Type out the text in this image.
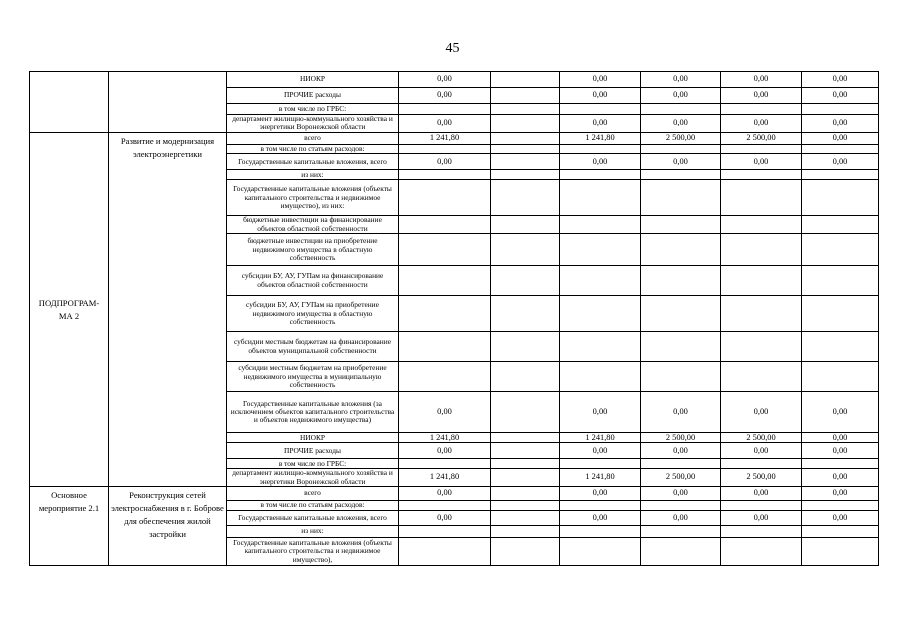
45
		НИОКР	0,00		0,00	0,00	0,00	0,00
		ПРОЧИЕ расходы	0,00		0,00	0,00	0,00	0,00
		в том числе по ГРБС:						
		департамент жилищно-коммунального хозяйства и энергетики Воронежской области	0,00		0,00	0,00	0,00	0,00
ПОДПРОГРАМ-МА 2	Развитие и модернизация электроэнергетики	всего	1 241,80		1 241,80	2 500,00	2 500,00	0,00
		в том числе по статьям расходов:						
		Государственные капитальные вложения, всего	0,00		0,00	0,00	0,00	0,00
		из них:						
		Государственные капитальные вложения (объекты капитального строительства и недвижимое имущество), из них:						
		бюджетные инвестиции на финансирование объектов областной собственности						
		бюджетные инвестиции на приобретение недвижимого имущества в областную собственность						
		субсидии БУ, АУ, ГУПам на финансирование объектов областной собственности						
		субсидии БУ, АУ, ГУПам на приобретение недвижимого имущества в областную собственность						
		субсидии местным бюджетам на финансирование объектов муниципальной собственности						
		субсидии местным бюджетам на приобретение недвижимого имущества в муниципальную собственность						
		Государственные капитальные вложения (за исключением объектов капитального строительства и объектов недвижимого имущества)	0,00		0,00	0,00	0,00	0,00
		НИОКР	1 241,80		1 241,80	2 500,00	2 500,00	0,00
		ПРОЧИЕ расходы	0,00		0,00	0,00	0,00	0,00
		в том числе по ГРБС:						
		департамент жилищно-коммунального хозяйства и энергетики Воронежской области	1 241,80		1 241,80	2 500,00	2 500,00	0,00
Основное мероприятие 2.1	Реконструкция сетей электроснабжения в г. Боброве для обеспечения жилой застройки	всего	0,00		0,00	0,00	0,00	0,00
		в том числе по статьям расходов:						
		Государственные капитальные вложения, всего	0,00		0,00	0,00	0,00	0,00
		из них:						
		Государственные капитальные вложения (объекты капитального строительства и недвижимое имущество),						
